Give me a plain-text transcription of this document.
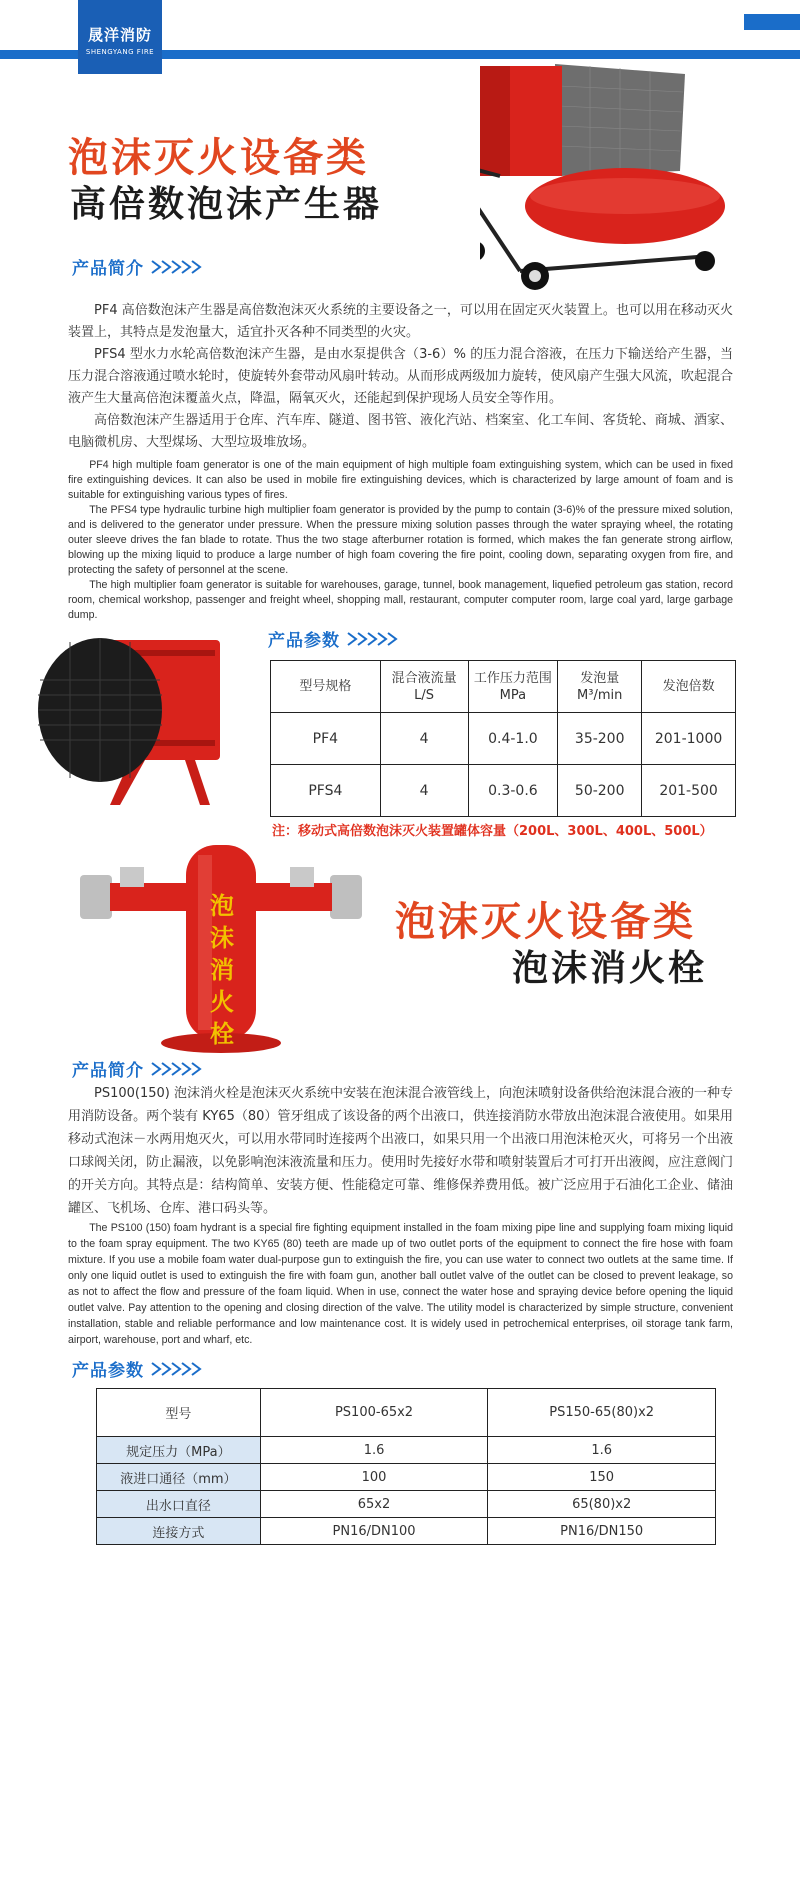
晟洋消防
SHENGYANG FIRE
泡沫灭火设备类
高倍数泡沫产生器
产品简介

PF4 高倍数泡沫产生器是高倍数泡沫灭火系统的主要设备之一，可以用在固定灭火装置上。也可以用在移动灭火装置上，其特点是发泡量大，适宜扑灭各种不同类型的火灾。

PFS4 型水力水轮高倍数泡沫产生器，是由水泵提供含（3-6）% 的压力混合溶液，在压力下输送给产生器，当压力混合溶液通过喷水轮时，使旋转外套带动风扇叶转动。从而形成两级加力旋转，使风扇产生强大风流，吹起混合液产生大量高倍泡沫覆盖火点，降温，隔氧灭火，还能起到保护现场人员安全等作用。

高倍数泡沫产生器适用于仓库、汽车库、隧道、图书管、液化汽站、档案室、化工车间、客货轮、商城、酒家、电脑微机房、大型煤场、大型垃圾堆放场。

PF4 high multiple foam generator is one of the main equipment of high multiple foam extinguishing system, which can be used in fixed fire extinguishing devices. It can also be used in mobile fire extinguishing devices, which is characterized by large amount of foam and is suitable for extinguishing various types of fires.

The PFS4 type hydraulic turbine high multiplier foam generator is provided by the pump to contain (3-6)% of the pressure mixed solution, and is delivered to the generator under pressure. When the pressure mixing solution passes through the water spraying wheel, the rotating outer sleeve drives the fan blade to rotate. Thus the two stage afterburner rotation is formed, which makes the fan generate strong airflow, blowing up the mixing liquid to produce a large number of high foam covering the fire point, cooling down, separating oxygen from fire, and protecting the safety of personnel at the scene.

The high multiplier foam generator is suitable for warehouses, garage, tunnel, book management, liquefied petroleum gas station, record room, chemical workshop, passenger and freight wheel, shopping mall, restaurant, computer computer room, large coal yard, large garbage dump.

产品参数
型号规格	混合液流量 L/S	工作压力范围 MPa	发泡量 M³/min	发泡倍数
PF4	4	0.4-1.0	35-200	201-1000
PFS4	4	0.3-0.6	50-200	201-500
注：移动式高倍数泡沫灭火装置罐体容量（200L、300L、400L、500L）
泡沫消火栓
泡沫灭火设备类
泡沫消火栓
产品简介

PS100(150) 泡沫消火栓是泡沫灭火系统中安装在泡沫混合液管线上，向泡沫喷射设备供给泡沫混合液的一种专用消防设备。两个装有 KY65（80）管牙组成了该设备的两个出液口，供连接消防水带放出泡沫混合液使用。如果用移动式泡沫－水两用炮灭火，可以用水带同时连接两个出液口，如果只用一个出液口用泡沫枪灭火，可将另一个出液口球阀关闭，防止漏液，以免影响泡沫液流量和压力。使用时先接好水带和喷射装置后才可打开出液阀，应注意阀门的开关方向。其特点是：结构简单、安装方便、性能稳定可靠、维修保养费用低。被广泛应用于石油化工企业、储油罐区、飞机场、仓库、港口码头等。

The PS100 (150) foam hydrant is a special fire fighting equipment installed in the foam mixing pipe line and supplying foam mixing liquid to the foam spray equipment. The two KY65 (80) teeth are made up of two outlet ports of the equipment to connect the fire hose with foam mixture. If you use a mobile foam water dual-purpose gun to extinguish the fire, you can use water to connect two outlets at the same time. If only one liquid outlet is used to extinguish the fire with foam gun, another ball outlet valve of the outlet can be closed to prevent leakage, so as not to affect the flow and pressure of the foam liquid. When in use, connect the water hose and spraying device before opening the liquid outlet valve. Pay attention to the opening and closing direction of the valve. The utility model is characterized by simple structure, convenient installation, stable and reliable performance and low maintenance cost. It is widely used in petrochemical enterprises, oil storage tank farm, airport, warehouse, port and wharf, etc.

产品参数
型号	PS100-65x2	PS150-65(80)x2
规定压力（MPa）	1.6	1.6
液进口通径（mm）	100	150
出水口直径	65x2	65(80)x2
连接方式	PN16/DN100	PN16/DN150
